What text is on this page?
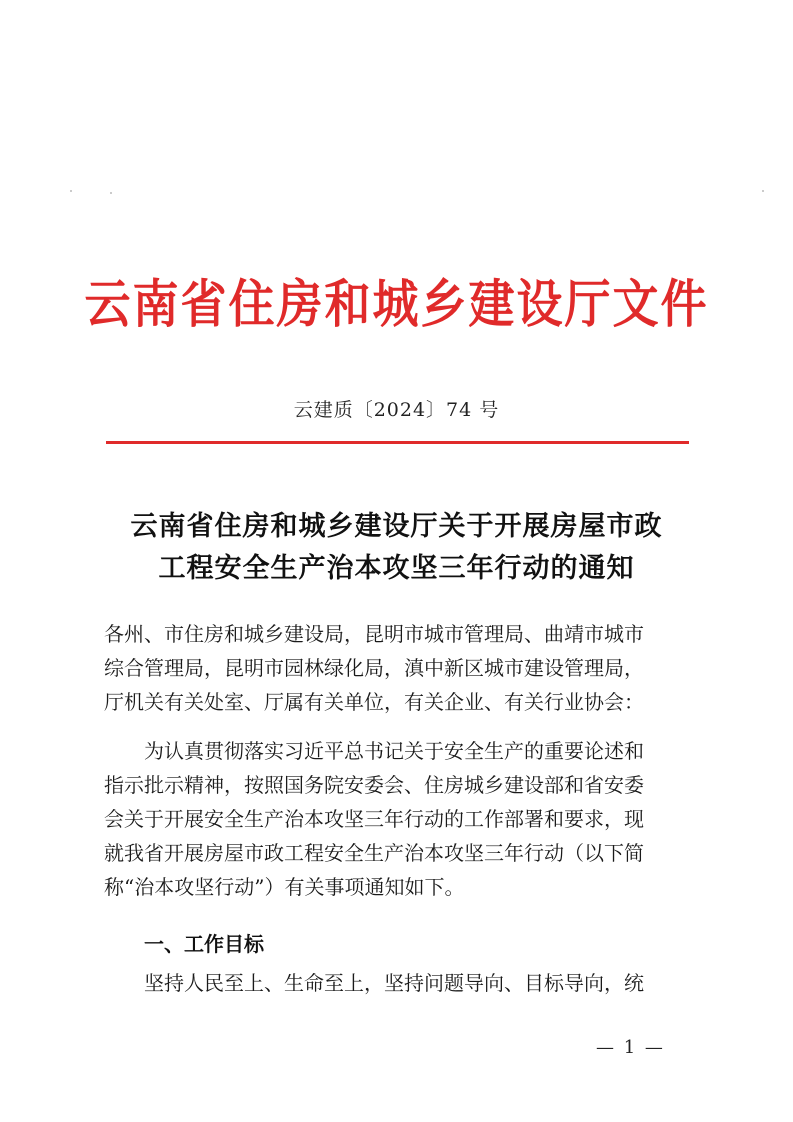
云南省住房和城乡建设厅文件
云建质〔2024〕74 号
云南省住房和城乡建设厅关于开展房屋市政
工程安全生产治本攻坚三年行动的通知
各州、市住房和城乡建设局，昆明市城市管理局、曲靖市城市
综合管理局，昆明市园林绿化局，滇中新区城市建设管理局，
厅机关有关处室、厅属有关单位，有关企业、有关行业协会：
为认真贯彻落实习近平总书记关于安全生产的重要论述和
指示批示精神，按照国务院安委会、住房城乡建设部和省安委
会关于开展安全生产治本攻坚三年行动的工作部署和要求，现
就我省开展房屋市政工程安全生产治本攻坚三年行动（以下简
称“治本攻坚行动”）有关事项通知如下。
一、工作目标
坚持人民至上、生命至上，坚持问题导向、目标导向，统
— 1 —
